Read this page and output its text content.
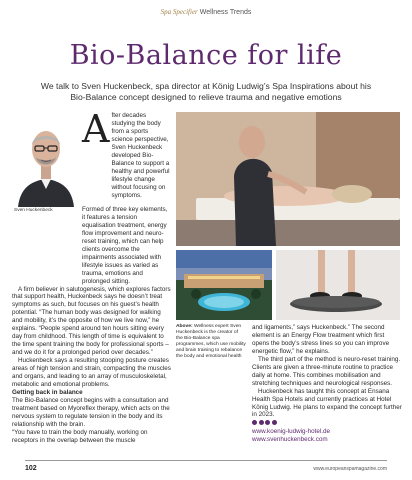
Spa Specifier Wellness Trends
Bio-Balance for life
We talk to Sven Huckenbeck, spa director at König Ludwig’s Spa Inspirations about his Bio-Balance concept designed to relieve trauma and negative emotions
Sven Huckenbeck
A fter decades studying the body from a sports science perspective, Sven Huckenbeck developed Bio-Balance to support a healthy and powerful lifestyle change without focusing on symptoms.

Formed of three key elements, it features a tension equalisation treatment, energy flow improvement and neuro-reset training, which can help clients overcome the impairments associated with lifestyle issues as varied as trauma, emotions and prolonged sitting.

A firm believer in salutogenesis, which explores factors that support health, Huckenbeck says he doesn’t treat symptoms as such, but focuses on his guest’s health potential. “The human body was designed for walking and mobility, it’s the opposite of how we live now,” he explains. “People spend around ten hours sitting every day from childhood. This length of time is equivalent to the time spent training the body for professional sports – and we do it for a prolonged period over decades.”

Huckenbeck says a resulting stooping posture creates areas of high tension and strain, compacting the muscles and organs, and leading to an array of musculoskeletal, metabolic and emotional problems.

Getting back in balance

The Bio-Balance concept begins with a consultation and treatment based on Myoreflex therapy, which acts on the nervous system to regulate tension in the body and its relationship with the brain.

“You have to train the body manually, working on receptors in the overlap between the muscle

Above: Wellness expert Sven Huckenbeck is the creator of the Bio-Balance spa programmes, which use mobility and brain training to rebalance the body and emotional health

and ligaments,” says Huckenbeck.” The second element is an Energy Flow treatment which first opens the body’s stress lines so you can improve energetic flow,” he explains.

The third part of the method is neuro-reset training. Clients are given a three-minute routine to practice daily at home. This combines mobilisation and stretching techniques and neurological responses.

Huckenbeck has taught this concept at Ensana Health Spa Hotels and currently practices at Hotel König Ludwig. He plans to expand the concept further in 2023.

www.koenig-ludwig-hotel.de

www.svenhuckenbeck.com

102	www.europeanspamagazine.com
